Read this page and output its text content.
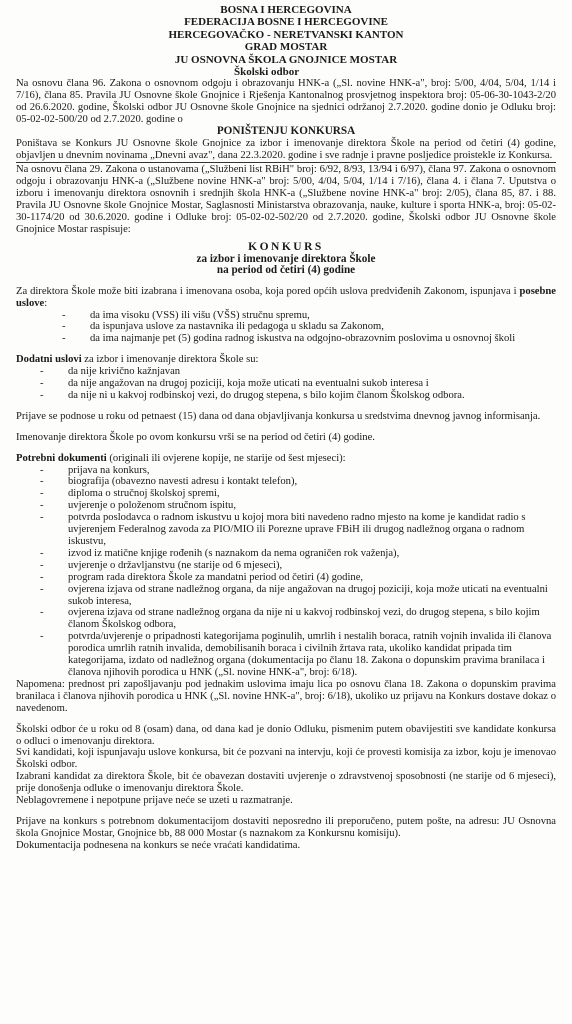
BOSNA I HERCEGOVINA
FEDERACIJA BOSNE I HERCEGOVINE
HERCEGOVAČKO - NERETVANSKI KANTON
GRAD MOSTAR
JU OSNOVNA ŠKOLA GNOJNICE MOSTAR
Školski odbor

Na osnovu člana 96. Zakona o osnovnom odgoju i obrazovanju HNK-a („Sl. novine HNK-a", broj: 5/00, 4/04, 5/04, 1/14 i 7/16), člana 85. Pravila JU Osnovne škole Gnojnice i Rješenja Kantonalnog prosvjetnog inspektora broj: 05-06-30-1043-2/20 od 26.6.2020. godine, Školski odbor JU Osnovne škole Gnojnice na sjednici održanoj 2.7.2020. godine donio je Odluku broj: 05-02-02-500/20 od 2.7.2020. godine o

PONIŠTENJU KONKURSA

Poništava se Konkurs JU Osnovne škole Gnojnice za izbor i imenovanje direktora Škole na period od četiri (4) godine, objavljen u dnevnim novinama „Dnevni avaz", dana 22.3.2020. godine i sve radnje i pravne posljedice proistekle iz Konkursa.

Na osnovu člana 29. Zakona o ustanovama („Službeni list RBiH" broj: 6/92, 8/93, 13/94 i 6/97), člana 97. Zakona o osnovnom odgoju i obrazovanju HNK-a („Službene novine HNK-a" broj: 5/00, 4/04, 5/04, 1/14 i 7/16), člana 4. i člana 7. Uputstva o izboru i imenovanju direktora osnovnih i srednjih škola HNK-a („Službene novine HNK-a" broj: 2/05), člana 85, 87. i 88. Pravila JU Osnovne škole Gnojnice Mostar, Saglasnosti Ministarstva obrazovanja, nauke, kulture i sporta HNK-a, broj: 05-02-30-1174/20 od 30.6.2020. godine i Odluke broj: 05-02-02-502/20 od 2.7.2020. godine, Školski odbor JU Osnovne škole Gnojnice Mostar raspisuje:

KONKURS
za izbor i imenovanje direktora Škole
na period od četiri (4) godine

Za direktora Škole može biti izabrana i imenovana osoba, koja pored općih uslova predviđenih Zakonom, ispunjava i posebne uslove:

- da ima visoku (VSS) ili višu (VŠS) stručnu spremu,
- da ispunjava uslove za nastavnika ili pedagoga u skladu sa Zakonom,
- da ima najmanje pet (5) godina radnog iskustva na odgojno-obrazovnim poslovima u osnovnoj školi

Dodatni uslovi za izbor i imenovanje direktora Škole su:

- da nije krivično kažnjavan
- da nije angažovan na drugoj poziciji, koja može uticati na eventualni sukob interesa i
- da nije ni u kakvoj rodbinskoj vezi, do drugog stepena, s bilo kojim članom Školskog odbora.

Prijave se podnose u roku od petnaest (15) dana od dana objavljivanja konkursa u sredstvima dnevnog javnog informisanja.

Imenovanje direktora Škole po ovom konkursu vrši se na period od četiri (4) godine.

Potrebni dokumenti (originali ili ovjerene kopije, ne starije od šest mjeseci):

- prijava na konkurs,
- biografija (obavezno navesti adresu i kontakt telefon),
- diploma o stručnoj školskoj spremi,
- uvjerenje o položenom stručnom ispitu,
- potvrda poslodavca o radnom iskustvu u kojoj mora biti navedeno radno mjesto na kome je kandidat radio s uvjerenjem Federalnog zavoda za PIO/MIO ili Porezne uprave FBiH ili drugog nadležnog organa o radnom iskustvu,
- izvod iz matične knjige rođenih (s naznakom da nema ograničen rok važenja),
- uvjerenje o državljanstvu (ne starije od 6 mjeseci),
- program rada direktora Škole za mandatni period od četiri (4) godine,
- ovjerena izjava od strane nadležnog organa, da nije angažovan na drugoj poziciji, koja može uticati na eventualni sukob interesa,
- ovjerena izjava od strane nadležnog organa da nije ni u kakvoj rodbinskoj vezi, do drugog stepena, s bilo kojim članom Školskog odbora,
- potvrda/uvjerenje o pripadnosti kategorijama poginulih, umrlih i nestalih boraca, ratnih vojnih invalida ili članova porodica umrlih ratnih invalida, demobilisanih boraca i civilnih žrtava rata, ukoliko kandidat pripada tim kategorijama, izdato od nadležnog organa (dokumentacija po članu 18. Zakona o dopunskim pravima branilaca i članova njihovih porodica u HNK („Sl. novine HNK-a", broj: 6/18).

Napomena: prednost pri zapošljavanju pod jednakim uslovima imaju lica po osnovu člana 18. Zakona o dopunskim pravima branilaca i članova njihovih porodica u HNK („Sl. novine HNK-a", broj: 6/18), ukoliko uz prijavu na Konkurs dostave dokaz o navedenom.

Školski odbor će u roku od 8 (osam) dana, od dana kad je donio Odluku, pismenim putem obavijestiti sve kandidate konkursa o odluci o imenovanju direktora.

Svi kandidati, koji ispunjavaju uslove konkursa, bit će pozvani na intervju, koji će provesti komisija za izbor, koju je imenovao Školski odbor.

Izabrani kandidat za direktora Škole, bit će obavezan dostaviti uvjerenje o zdravstvenoj sposobnosti (ne starije od 6 mjeseci), prije donošenja odluke o imenovanju direktora Škole.

Neblagovremene i nepotpune prijave neće se uzeti u razmatranje.

Prijave na konkurs s potrebnom dokumentacijom dostaviti neposredno ili preporučeno, putem pošte, na adresu: JU Osnovna škola Gnojnice Mostar, Gnojnice bb, 88 000 Mostar (s naznakom za Konkursnu komisiju).

Dokumentacija podnesena na konkurs se neće vraćati kandidatima.
